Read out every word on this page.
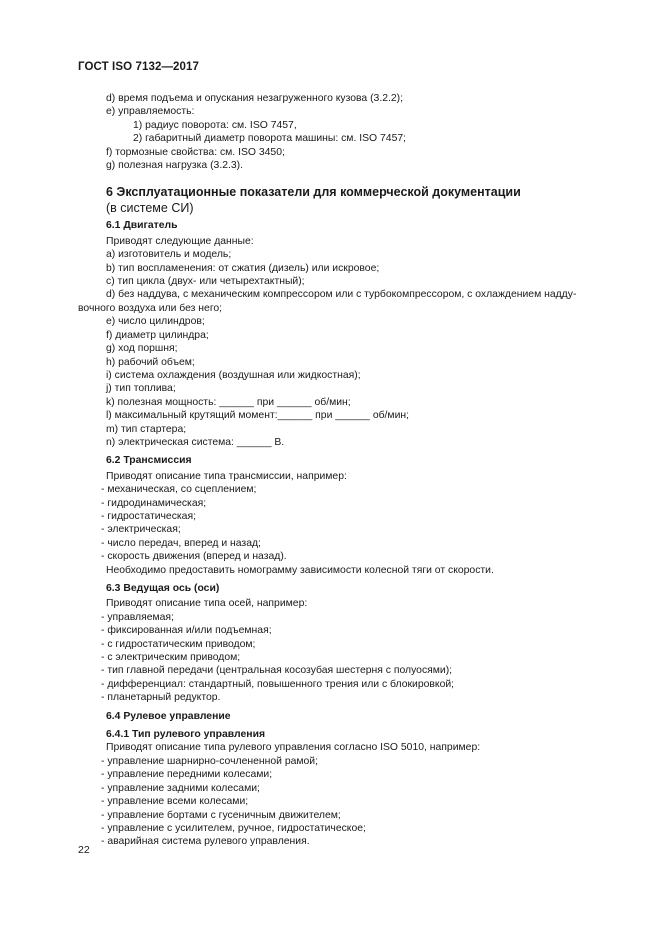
ГОСТ ISO 7132—2017
d) время подъема и опускания незагруженного кузова (3.2.2);
e) управляемость:
1) радиус поворота: см. ISO 7457,
2) габаритный диаметр поворота машины: см. ISO 7457;
f) тормозные свойства: см. ISO 3450;
g) полезная нагрузка (3.2.3).
6 Эксплуатационные показатели для коммерческой документации
(в системе СИ)
6.1 Двигатель
Приводят следующие данные:
a) изготовитель и модель;
b) тип воспламенения: от сжатия (дизель) или искровое;
c) тип цикла (двух- или четырехтактный);
d) без наддува, с механическим компрессором или с турбокомпрессором, с охлаждением надду-
вочного воздуха или без него;
e) число цилиндров;
f) диаметр цилиндра;
g) ход поршня;
h) рабочий объем;
i) система охлаждения (воздушная или жидкостная);
j) тип топлива;
k) полезная мощность: ______ при ______ об/мин;
l) максимальный крутящий момент:______ при ______ об/мин;
m) тип стартера;
n) электрическая система: ______ В.
6.2 Трансмиссия
Приводят описание типа трансмиссии, например:
- механическая, со сцеплением;
- гидродинамическая;
- гидростатическая;
- электрическая;
- число передач, вперед и назад;
- скорость движения (вперед и назад).
Необходимо предоставить номограмму зависимости колесной тяги от скорости.
6.3 Ведущая ось (оси)
Приводят описание типа осей, например:
- управляемая;
- фиксированная и/или подъемная;
- с гидростатическим приводом;
- с электрическим приводом;
- тип главной передачи (центральная косозубая шестерня с полуосями);
- дифференциал: стандартный, повышенного трения или с блокировкой;
- планетарный редуктор.
6.4 Рулевое управление
6.4.1 Тип рулевого управления
Приводят описание типа рулевого управления согласно ISO 5010, например:
- управление шарнирно-сочлененной рамой;
- управление передними колесами;
- управление задними колесами;
- управление всеми колесами;
- управление бортами с гусеничным движителем;
- управление с усилителем, ручное, гидростатическое;
- аварийная система рулевого управления.
22
